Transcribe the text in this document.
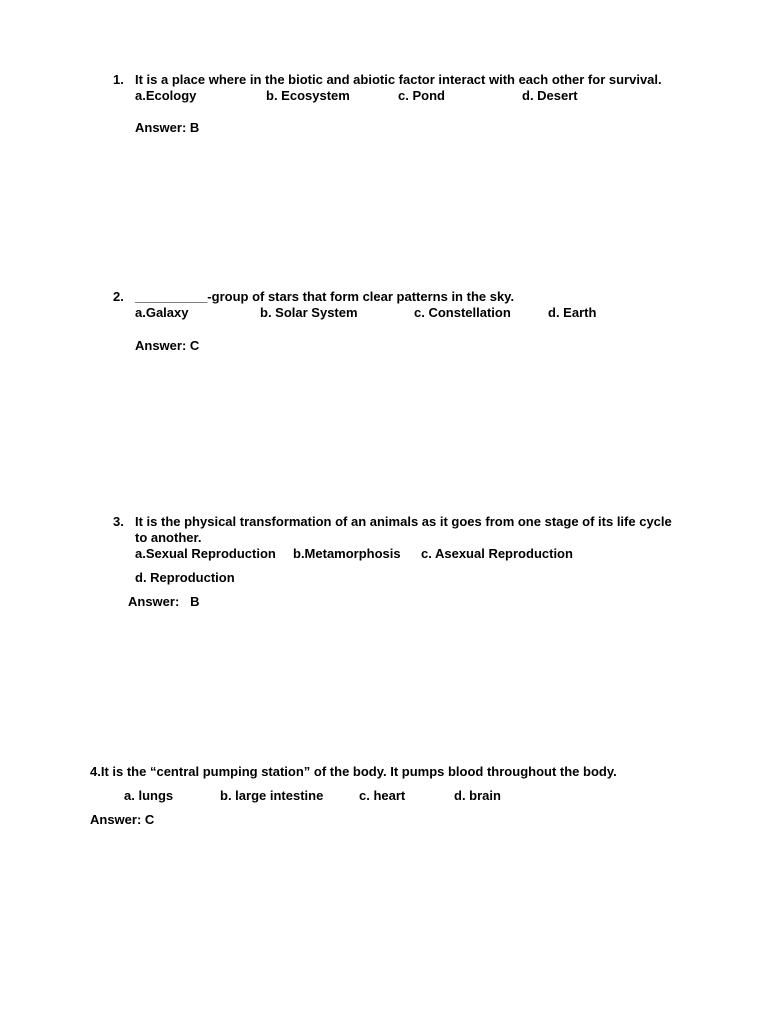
1. It is a place where in the biotic and abiotic factor interact with each other for survival.
a.Ecology	b. Ecosystem	c. Pond	d. Desert
Answer: B
2. __________-group of stars that form clear patterns in the sky.
a.Galaxy	b. Solar System	c. Constellation	d. Earth
Answer: C
3. It is the physical transformation of an animals as it goes from one stage of its life cycle
to another.
a.Sexual Reproduction b.Metamorphosis c. Asexual Reproduction
d. Reproduction
Answer:   B
4.It is the “central pumping station” of the body. It pumps blood throughout the body.
a. lungs	b. large intestine	c. heart	d. brain
Answer: C
